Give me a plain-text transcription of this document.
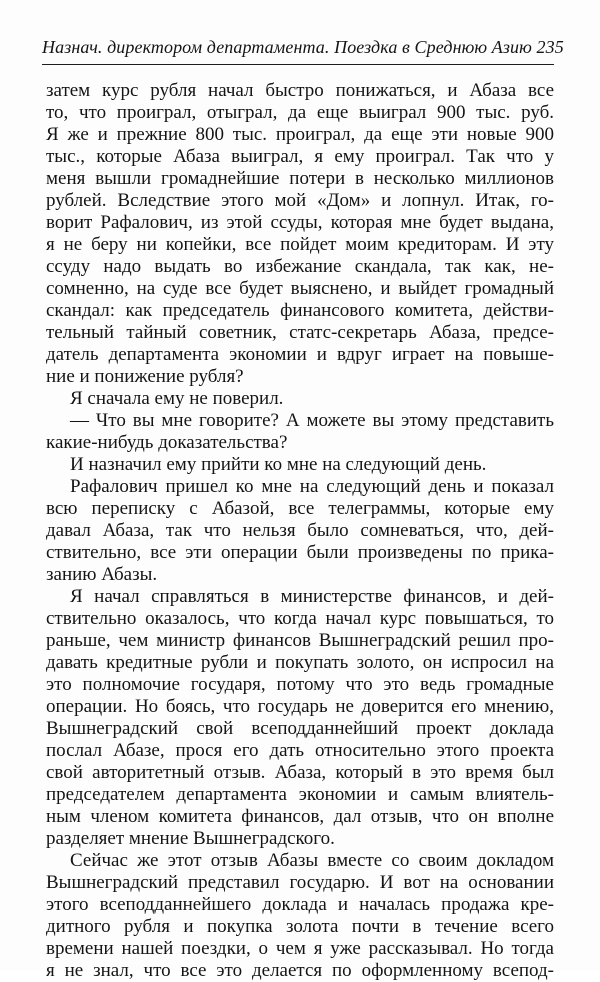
Назнач. директором департамента. Поездка в Среднюю Азию 235
затем курс рубля начал быстро понижаться, и Абаза все
то, что проиграл, отыграл, да еще выиграл 900 тыс. руб.
Я же и прежние 800 тыс. проиграл, да еще эти новые 900
тыс., которые Абаза выиграл, я ему проиграл. Так что у
меня вышли громаднейшие потери в несколько миллионов
рублей. Вследствие этого мой «Дом» и лопнул. Итак, го-
ворит Рафалович, из этой ссуды, которая мне будет выдана,
я не беру ни копейки, все пойдет моим кредиторам. И эту
ссуду надо выдать во избежание скандала, так как, не-
сомненно, на суде все будет выяснено, и выйдет громадный
скандал: как председатель финансового комитета, действи-
тельный тайный советник, статс-секретарь Абаза, предсе-
датель департамента экономии и вдруг играет на повыше-
ние и понижение рубля?
Я сначала ему не поверил.
— Что вы мне говорите? А можете вы этому представить
какие-нибудь доказательства?
И назначил ему прийти ко мне на следующий день.
Рафалович пришел ко мне на следующий день и показал
всю переписку с Абазой, все телеграммы, которые ему
давал Абаза, так что нельзя было сомневаться, что, дей-
ствительно, все эти операции были произведены по прика-
занию Абазы.
Я начал справляться в министерстве финансов, и дей-
ствительно оказалось, что когда начал курс повышаться, то
раньше, чем министр финансов Вышнеградский решил про-
давать кредитные рубли и покупать золото, он испросил на
это полномочие государя, потому что это ведь громадные
операции. Но боясь, что государь не доверится его мнению,
Вышнеградский свой всеподданнейший проект доклада
послал Абазе, прося его дать относительно этого проекта
свой авторитетный отзыв. Абаза, который в это время был
председателем департамента экономии и самым влиятель-
ным членом комитета финансов, дал отзыв, что он вполне
разделяет мнение Вышнеградского.
Сейчас же этот отзыв Абазы вместе со своим докладом
Вышнеградский представил государю. И вот на основании
этого всеподданнейшего доклада и началась продажа кре-
дитного рубля и покупка золота почти в течение всего
времени нашей поездки, о чем я уже рассказывал. Но тогда
я не знал, что все это делается по оформленному всепод-
